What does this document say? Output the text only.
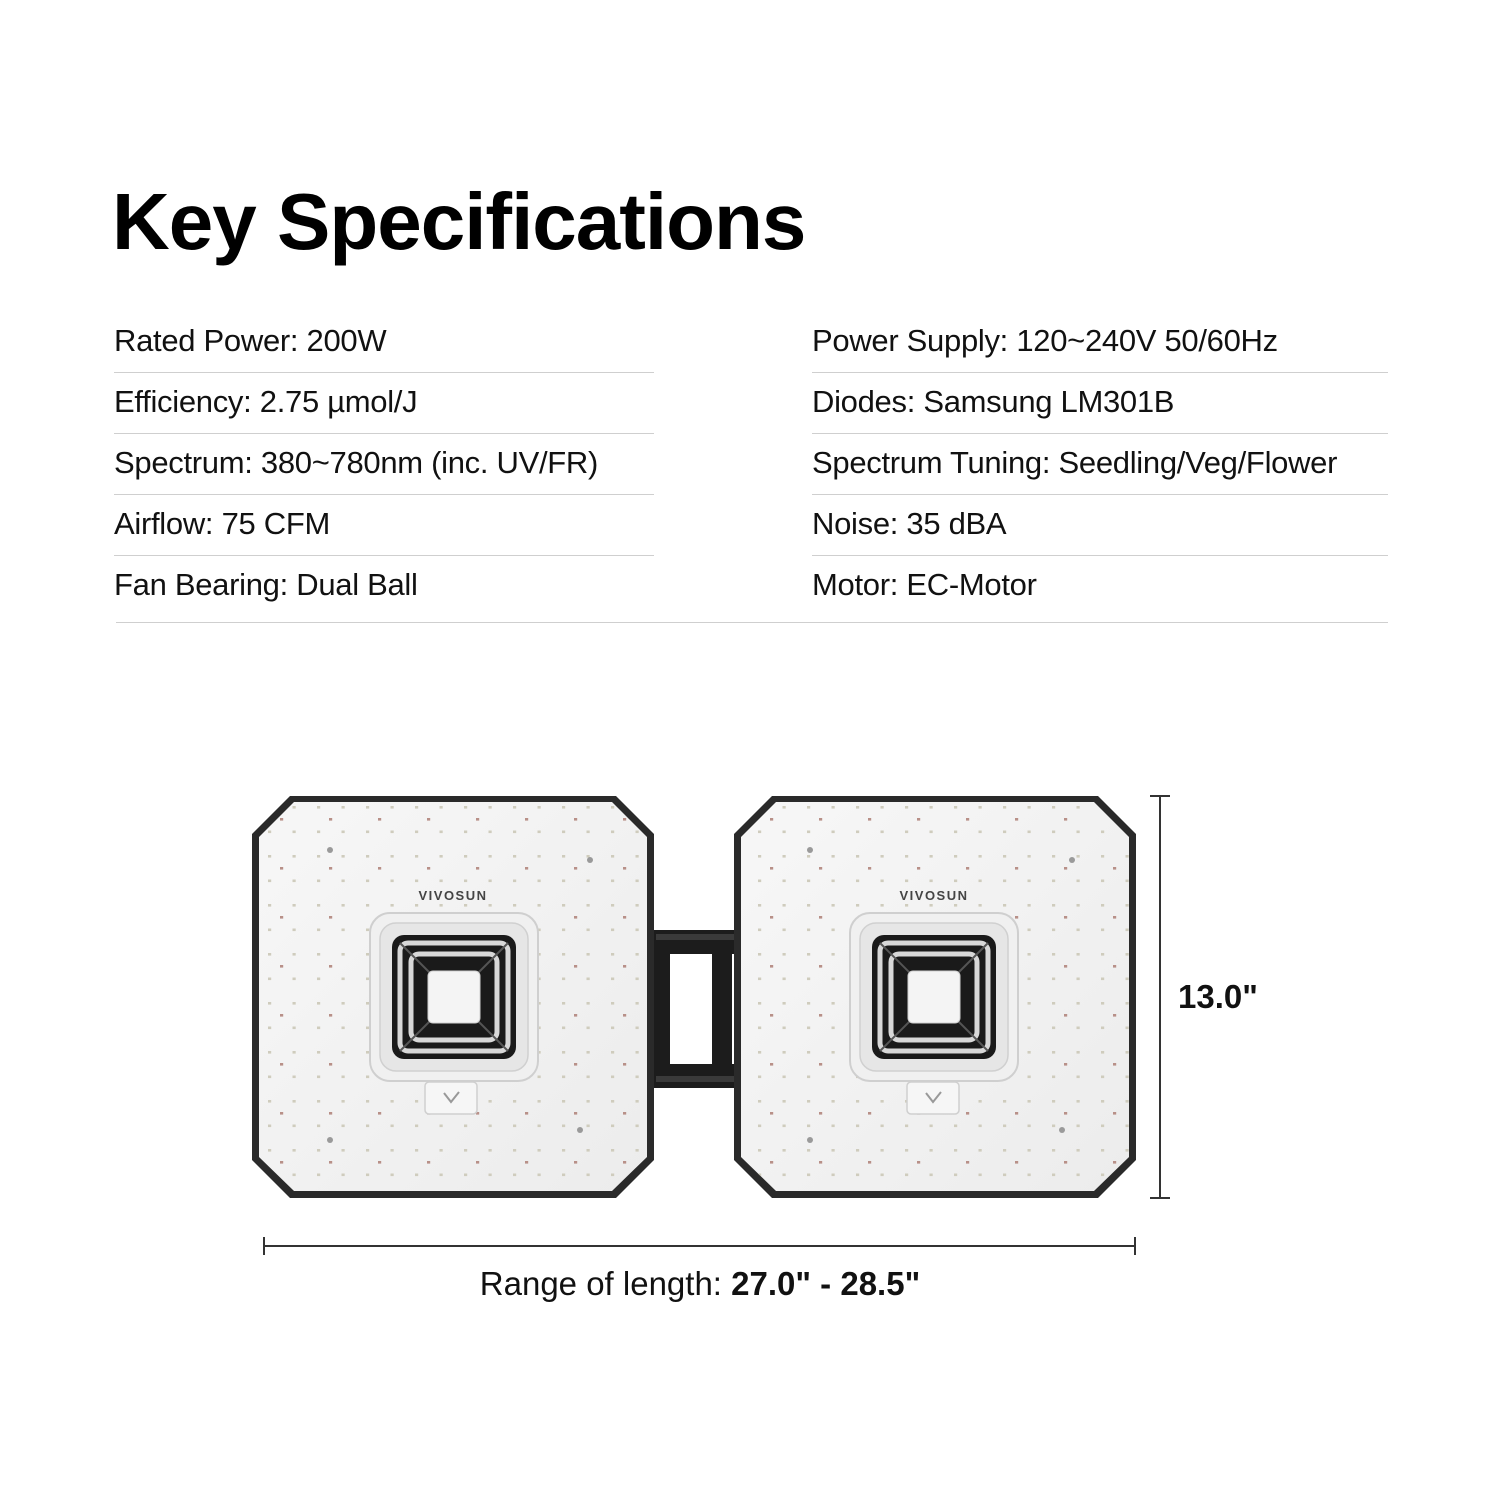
Key Specifications
Rated Power: 200W
Efficiency: 2.75 µmol/J
Spectrum: 380~780nm (inc. UV/FR)
Airflow: 75 CFM
Fan Bearing: Dual Ball
Power Supply: 120~240V 50/60Hz
Diodes: Samsung LM301B
Spectrum Tuning: Seedling/Veg/Flower
Noise: 35 dBA
Motor: EC-Motor
VIVOSUN	VIVOSUN
13.0"
Range of length: 27.0" - 28.5"
